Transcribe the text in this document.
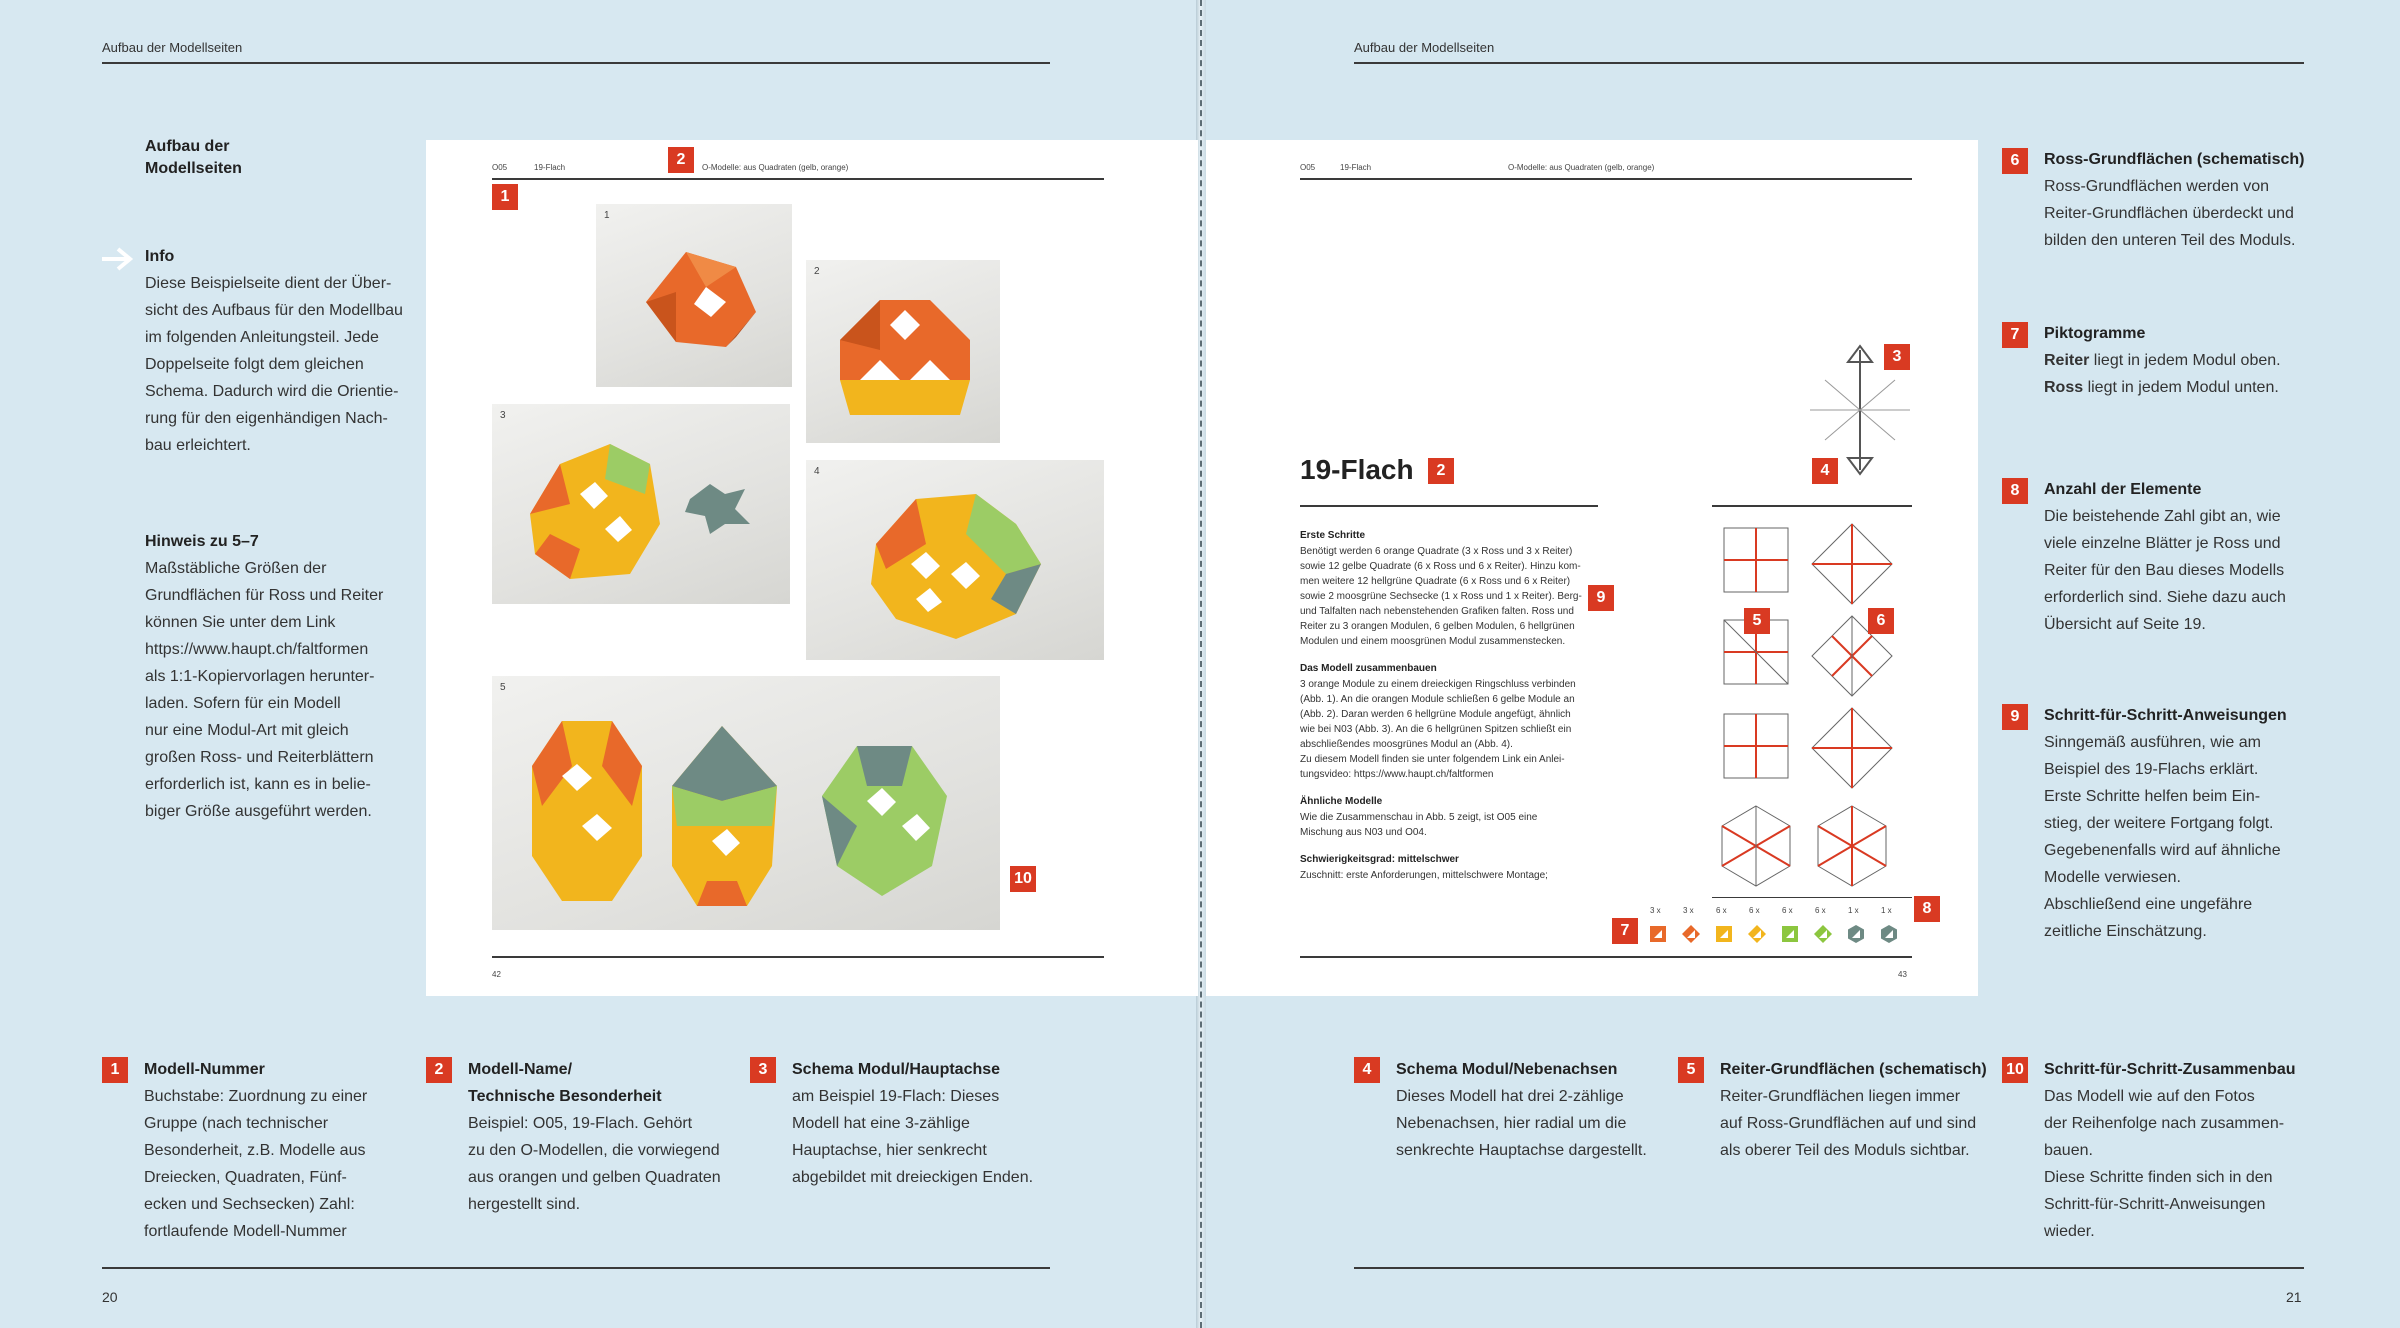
Aufbau der Modellseiten	Aufbau der Modellseiten
Aufbau der
Modellseiten
Info
Diese Beispielseite dient der Über-
sicht des Aufbaus für den Modellbau
im folgenden Anleitungsteil. Jede
Doppelseite folgt dem gleichen
Schema. Dadurch wird die Orientie-
rung für den eigenhändigen Nach-
bau erleichtert.
Hinweis zu 5–7
Maßstäbliche Größen der
Grundflächen für Ross und Reiter
können Sie unter dem Link
https://www.haupt.ch/faltformen
als 1:1-Kopiervorlagen herunter-
laden. Sofern für ein Modell
nur eine Modul-Art mit gleich
großen Ross- und Reiterblättern
erforderlich ist, kann es in belie-
biger Größe ausgeführt werden.
O05	19-Flach	O-Modelle: aus Quadraten (gelb, orange)
1
2
1
2
3
4
5
10
42
O05	19-Flach	O-Modelle: aus Quadraten (gelb, orange)
3
4
19-Flach	2
Erste Schritte
Benötigt werden 6 orange Quadrate (3 x Ross und 3 x Reiter)
sowie 12 gelbe Quadrate (6 x Ross und 6 x Reiter). Hinzu kom-
men weitere 12 hellgrüne Quadrate (6 x Ross und 6 x Reiter)
sowie 2 moosgrüne Sechsecke (1 x Ross und 1 x Reiter). Berg-
und Talfalten nach nebenstehenden Grafiken falten. Ross und
Reiter zu 3 orangen Modulen, 6 gelben Modulen, 6 hellgrünen
Modulen und einem moosgrünen Modul zusammenstecken.
Das Modell zusammenbauen
3 orange Module zu einem dreieckigen Ringschluss verbinden
(Abb. 1). An die orangen Module schließen 6 gelbe Module an
(Abb. 2). Daran werden 6 hellgrüne Module angefügt, ähnlich
wie bei N03 (Abb. 3). An die 6 hellgrünen Spitzen schließt ein
abschließendes moosgrünes Modul an (Abb. 4).
Zu diesem Modell finden sie unter folgendem Link ein Anlei-
tungsvideo: https://www.haupt.ch/faltformen
Ähnliche Modelle
Wie die Zusammenschau in Abb. 5 zeigt, ist O05 eine
Mischung aus N03 und O04.
Schwierigkeitsgrad: mittelschwer
Zuschnitt: erste Anforderungen, mittelschwere Montage;
9
5	6
3 x	3 x	6 x	6 x	6 x	6 x	1 x	1 x
7
8
43
6	Ross-Grundflächen (schematisch)
Ross-Grundflächen werden von
Reiter-Grundflächen überdeckt und
bilden den unteren Teil des Moduls.
7	Piktogramme
Reiter liegt in jedem Modul oben.
Ross liegt in jedem Modul unten.
8	Anzahl der Elemente
Die beistehende Zahl gibt an, wie
viele einzelne Blätter je Ross und
Reiter für den Bau dieses Modells
erforderlich sind. Siehe dazu auch
Übersicht auf Seite 19.
9	Schritt-für-Schritt-Anweisungen
Sinngemäß ausführen, wie am
Beispiel des 19-Flachs erklärt.
Erste Schritte helfen beim Ein-
stieg, der weitere Fortgang folgt.
Gegebenenfalls wird auf ähnliche
Modelle verwiesen.
Abschließend eine ungefähre
zeitliche Einschätzung.
1	Modell-Nummer
Buchstabe: Zuordnung zu einer
Gruppe (nach technischer
Besonderheit, z.B. Modelle aus
Dreiecken, Quadraten, Fünf-
ecken und Sechsecken) Zahl:
fortlaufende Modell-Nummer
2	Modell-Name/
Technische Besonderheit
Beispiel: O05, 19-Flach. Gehört
zu den O-Modellen, die vorwiegend
aus orangen und gelben Quadraten
hergestellt sind.
3	Schema Modul/Hauptachse
am Beispiel 19-Flach: Dieses
Modell hat eine 3-zählige
Hauptachse, hier senkrecht
abgebildet mit dreieckigen Enden.
4	Schema Modul/Nebenachsen
Dieses Modell hat drei 2-zählige
Nebenachsen, hier radial um die
senkrechte Hauptachse dargestellt.
5	Reiter-Grundflächen (schematisch)
Reiter-Grundflächen liegen immer
auf Ross-Grundflächen auf und sind
als oberer Teil des Moduls sichtbar.
10 Schritt-für-Schritt-Zusammenbau
Das Modell wie auf den Fotos
der Reihenfolge nach zusammen-
bauen.
Diese Schritte finden sich in den
Schritt-für-Schritt-Anweisungen
wieder.
20	21
